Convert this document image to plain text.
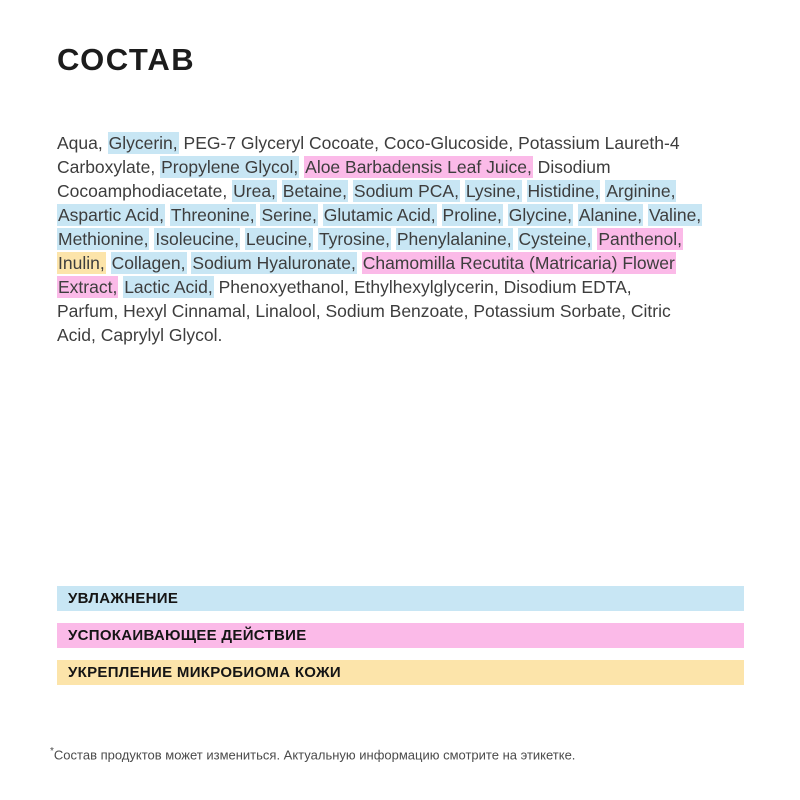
СОСТАВ
Aqua, Glycerin, PEG-7 Glyceryl Cocoate, Coco-Glucoside, Potassium Laureth-4
Carboxylate, Propylene Glycol, Aloe Barbadensis Leaf Juice, Disodium
Cocoamphodiacetate, Urea, Betaine, Sodium PCA, Lysine, Histidine, Arginine,
Aspartic Acid, Threonine, Serine, Glutamic Acid, Proline, Glycine, Alanine, Valine,
Methionine, Isoleucine, Leucine, Tyrosine, Phenylalanine, Cysteine, Panthenol,
Inulin, Collagen, Sodium Hyaluronate, Chamomilla Recutita (Matricaria) Flower
Extract, Lactic Acid, Phenoxyethanol, Ethylhexylglycerin, Disodium EDTA,
Parfum, Hexyl Cinnamal, Linalool, Sodium Benzoate, Potassium Sorbate, Citric
Acid, Caprylyl Glycol.
УВЛАЖНЕНИЕ
УСПОКАИВАЮЩЕЕ ДЕЙСТВИЕ
УКРЕПЛЕНИЕ МИКРОБИОМА КОЖИ
*Состав продуктов может измениться. Актуальную информацию смотрите на этикетке.
